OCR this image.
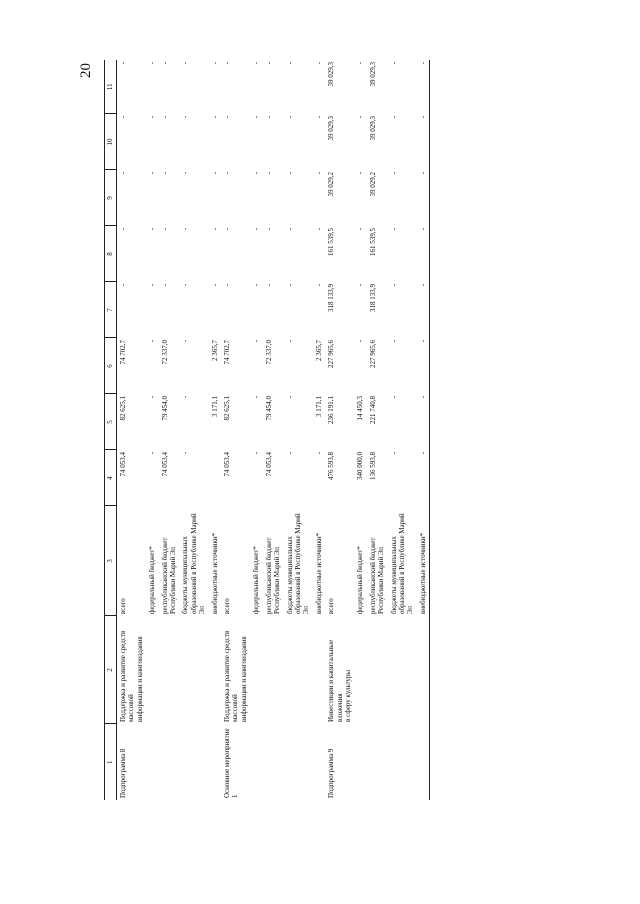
20
1	2	3	4	5	6	7	8	9	10	11
Подпрограмма 8	Поддержка и развитие средств массовой информации и книгоиздания	всего	74 053,4	82 625,1	74 702,7	-	-	-	-	-

	федеральный бюджет*	-	-	-	-	-	-	-	-

	республиканский бюджет Республики Марий Эл	74 053,4	79 454,0	72 337,0	-	-	-	-	-

	бюджеты муниципальных образований в Республике Марий Эл	-	-	-	-	-	-	-	-

	внебюджетные источники*		3 171,1	2 365,7	-	-	-	-	-
Основное мероприятие 1	Поддержка и развитие средств массовой информации и книгоиздания	всего	74 053,4	82 625,1	74 702,7	-	-	-	-	-

	федеральный бюджет*	-	-	-	-	-	-	-	-

	республиканский бюджет Республики Марий Эл	74 053,4	79 454,0	72 337,0	-	-	-	-	-

	бюджеты муниципальных образований в Республике Марий Эл	-	-	-	-	-	-	-	-

	внебюджетные источники*	-	3 171,1	2 365,7	-	-	-	-	-
Подпрограмма 9	Инвестиции и капитальные вложения в сферу культуры	всего	476 593,8	236 191,1	227 965,6	318 133,9	161 539,5	39 029,2	39 029,3	39 029,3

	федеральный бюджет*	340 000,0	14 450,3	-	-	-	-	-	-

	республиканский бюджет Республики Марий Эл	136 593,8	221 740,8	227 965,6	318 133,9	161 539,5	39 029,2	39 029,3	39 029,3

	бюджеты муниципальных образований в Республике Марий Эл	-	-	-	-	-	-	-	-

	внебюджетные источники*	-	-	-	-	-	-	-	-
